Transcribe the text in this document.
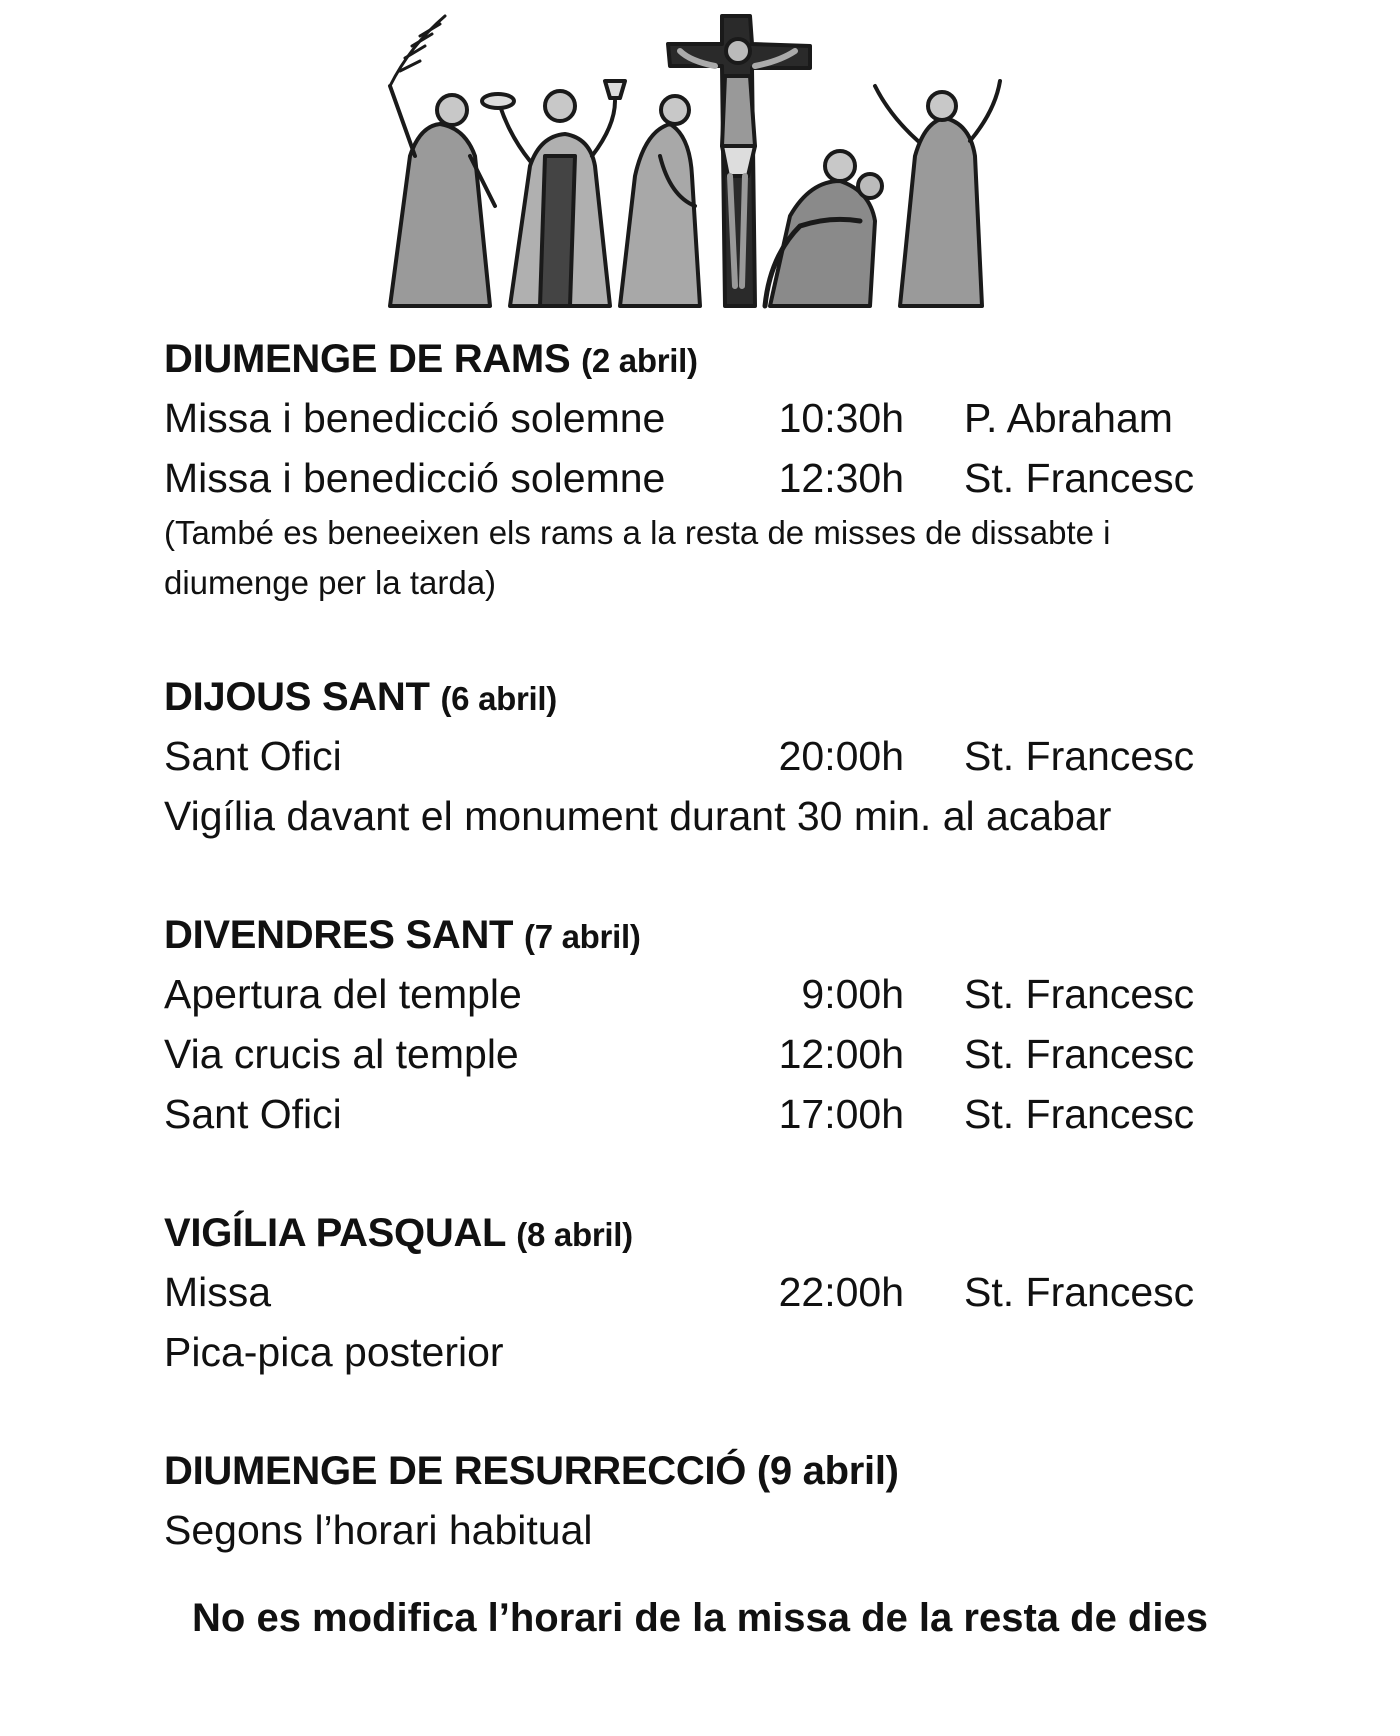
DIUMENGE DE RAMS (2 abril)
Missa i benedicció solemne	10:30h P. Abraham
Missa i benedicció solemne	12:30h St. Francesc
(També es beneeixen els rams a la resta de misses de dissabte i diumenge per la tarda)
DIJOUS SANT (6 abril)
Sant Ofici	20:00h St. Francesc
Vigília davant el monument durant 30 min. al acabar
DIVENDRES SANT (7 abril)
Apertura del temple	9:00h St. Francesc
Via crucis al temple	12:00h St. Francesc
Sant Ofici	17:00h St. Francesc
VIGÍLIA PASQUAL (8 abril)
Missa	22:00h St. Francesc
Pica-pica posterior
DIUMENGE DE RESURRECCIÓ (9 abril)
Segons l’horari habitual
No es modifica l’horari de la missa de la resta de dies
